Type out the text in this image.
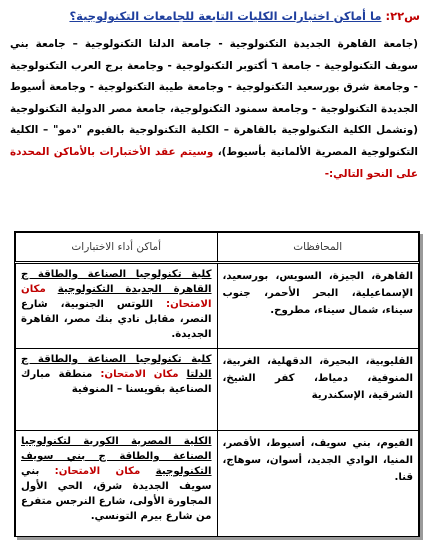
س٢٢: ما أماكن اختبارات الكليات التابعة للجامعات التكنولوجية؟
(جامعة القاهرة الجديدة التكنولوجية - جامعة الدلتا التكنولوجية – جامعة بني سويف التكنولوجية - جامعة ٦ أكتوبر التكنولوجية - وجامعة برج العرب التكنولوجية - وجامعة شرق بورسعيد التكنولوجية - وجامعة طيبة التكنولوجية - وجامعة أسيوط الجديدة التكنولوجية - وجامعة سمنود التكنولوجية، جامعة مصر الدولية التكنولوجية (وتشمل الكلية التكنولوجية بالقاهرة – الكلية التكنولوجية بالفيوم "دمو" – الكلية التكنولوجية المصرية الألمانية بأسيوط)، وسيتم عقد الأختبارات بالأماكن المحددة على النحو التالي:-
المحافظات	أماكن أداء الاختبارات
القاهرة، الجيزة، السويس، بورسعيد، الإسماعيلية، البحر الأحمر، جنوب سيناء، شمال سيناء، مطروح.	كلية تكنولوجيا الصناعة والطاقة ج القاهرة الجديدة التكنولوجية مكان الامتحان: اللوتس الجنوبية، شارع النصر، مقابل نادي بنك مصر، القاهرة الجديدة.
القليوبية، البحيرة، الدقهلية، الغربية، المنوفية، دمياط، كفر الشيخ، الشرقية، الإسكندرية	كلية تكنولوجيا الصناعة والطاقة ج الدلتا مكان الامتحان: منطقة مبارك الصناعية بقويسنا – المنوفية
الفيوم، بني سويف، أسيوط، الأقصر، المنيا، الوادي الجديد، أسوان، سوهاج، قنا.	الكلية المصرية الكورية لتكنولوجيا الصناعة والطاقة ج بني سويف التكنولوجية مكان الامتحان: بني سويف الجديدة شرق، الحي الأول المجاورة الأولى، شارع النرجس متفرع من شارع بيرم التونسي.
